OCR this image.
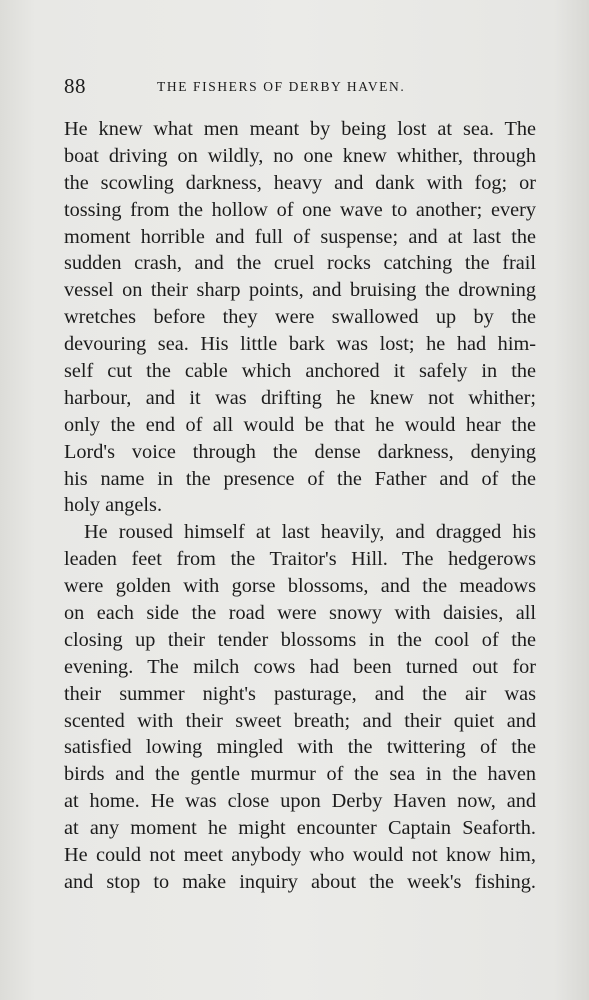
88	THE FISHERS OF DERBY HAVEN.
He knew what men meant by being lost at sea. The
boat driving on wildly, no one knew whither, through
the scowling darkness, heavy and dank with fog; or
tossing from the hollow of one wave to another; every
moment horrible and full of suspense; and at last the
sudden crash, and the cruel rocks catching the frail
vessel on their sharp points, and bruising the drowning
wretches before they were swallowed up by the
devouring sea. His little bark was lost; he had him-
self cut the cable which anchored it safely in the
harbour, and it was drifting he knew not whither;
only the end of all would be that he would hear the
Lord's voice through the dense darkness, denying
his name in the presence of the Father and of the
holy angels.
He roused himself at last heavily, and dragged his
leaden feet from the Traitor's Hill. The hedgerows
were golden with gorse blossoms, and the meadows
on each side the road were snowy with daisies, all
closing up their tender blossoms in the cool of the
evening. The milch cows had been turned out for
their summer night's pasturage, and the air was
scented with their sweet breath; and their quiet and
satisfied lowing mingled with the twittering of the
birds and the gentle murmur of the sea in the haven
at home. He was close upon Derby Haven now, and
at any moment he might encounter Captain Seaforth.
He could not meet anybody who would not know him,
and stop to make inquiry about the week's fishing.
